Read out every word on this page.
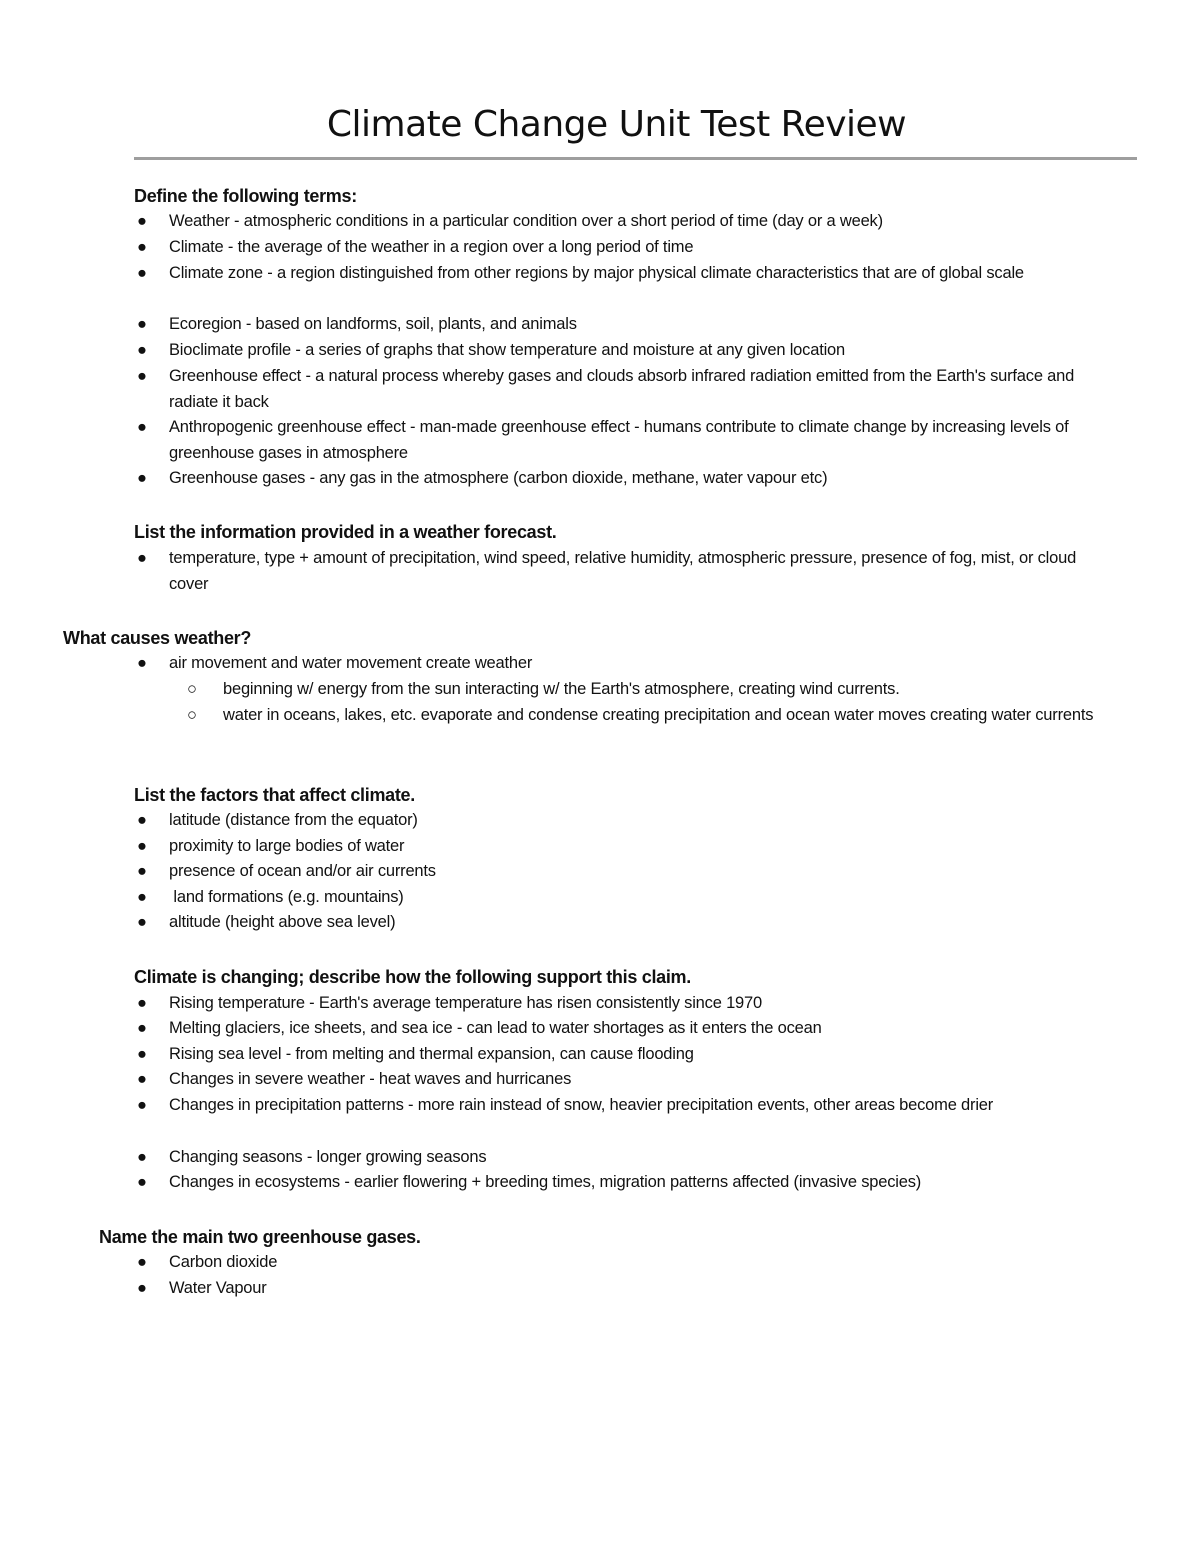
Climate Change Unit Test Review
Define the following terms:
● Weather - atmospheric conditions in a particular condition over a short period of time (day or a week)
● Climate - the average of the weather in a region over a long period of time
● Climate zone - a region distinguished from other regions by major physical climate characteristics that are of global scale
● Ecoregion - based on landforms, soil, plants, and animals
● Bioclimate profile - a series of graphs that show temperature and moisture at any given location
● Greenhouse effect - a natural process whereby gases and clouds absorb infrared radiation emitted from the Earth's surface and radiate it back
● Anthropogenic greenhouse effect - man-made greenhouse effect - humans contribute to climate change by increasing levels of greenhouse gases in atmosphere
● Greenhouse gases - any gas in the atmosphere (carbon dioxide, methane, water vapour etc)
List the information provided in a weather forecast.
● temperature, type + amount of precipitation, wind speed, relative humidity, atmospheric pressure, presence of fog, mist, or cloud cover
What causes weather?
● air movement and water movement create weather
○ beginning w/ energy from the sun interacting w/ the Earth's atmosphere, creating wind currents.
○ water in oceans, lakes, etc. evaporate and condense creating precipitation and ocean water moves creating water currents
List the factors that affect climate.
● latitude (distance from the equator)
● proximity to large bodies of water
● presence of ocean and/or air currents
● land formations (e.g. mountains)
● altitude (height above sea level)
Climate is changing; describe how the following support this claim.
● Rising temperature - Earth's average temperature has risen consistently since 1970
● Melting glaciers, ice sheets, and sea ice - can lead to water shortages as it enters the ocean
● Rising sea level - from melting and thermal expansion, can cause flooding
● Changes in severe weather - heat waves and hurricanes
● Changes in precipitation patterns - more rain instead of snow, heavier precipitation events, other areas become drier
● Changing seasons - longer growing seasons
● Changes in ecosystems - earlier flowering + breeding times, migration patterns affected (invasive species)
Name the main two greenhouse gases.
● Carbon dioxide
● Water Vapour
